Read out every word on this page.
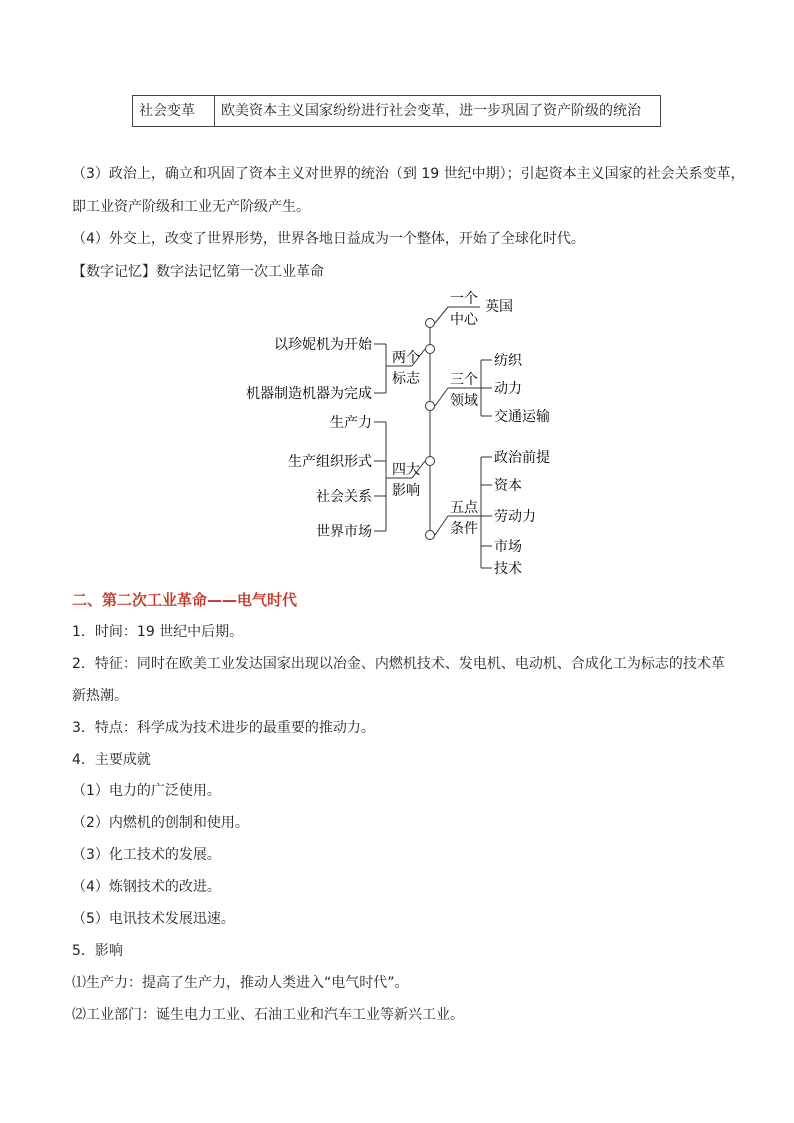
社会变革	欧美资本主义国家纷纷进行社会变革，进一步巩固了资产阶级的统治
（3）政治上，确立和巩固了资本主义对世界的统治（到 19 世纪中期）；引起资本主义国家的社会关系变革，
即工业资产阶级和工业无产阶级产生。
（4）外交上，改变了世界形势，世界各地日益成为一个整体，开始了全球化时代。
【数字记忆】数字法记忆第一次工业革命
一个
中心
英国
两个
标志
以珍妮机为开始
机器制造机器为完成
三个
领域
纺织
动力
交通运输
四大
影响
生产力
生产组织形式
社会关系
世界市场
五点
条件
政治前提
资本
劳动力
市场
技术
二、第二次工业革命——电气时代
1．时间：19 世纪中后期。
2．特征：同时在欧美工业发达国家出现以冶金、内燃机技术、发电机、电动机、合成化工为标志的技术革
新热潮。
3．特点：科学成为技术进步的最重要的推动力。
4．主要成就
（1）电力的广泛使用。
（2）内燃机的创制和使用。
（3）化工技术的发展。
（4）炼钢技术的改进。
（5）电讯技术发展迅速。
5．影响
⑴生产力：提高了生产力，推动人类进入“电气时代”。
⑵工业部门：诞生电力工业、石油工业和汽车工业等新兴工业。
